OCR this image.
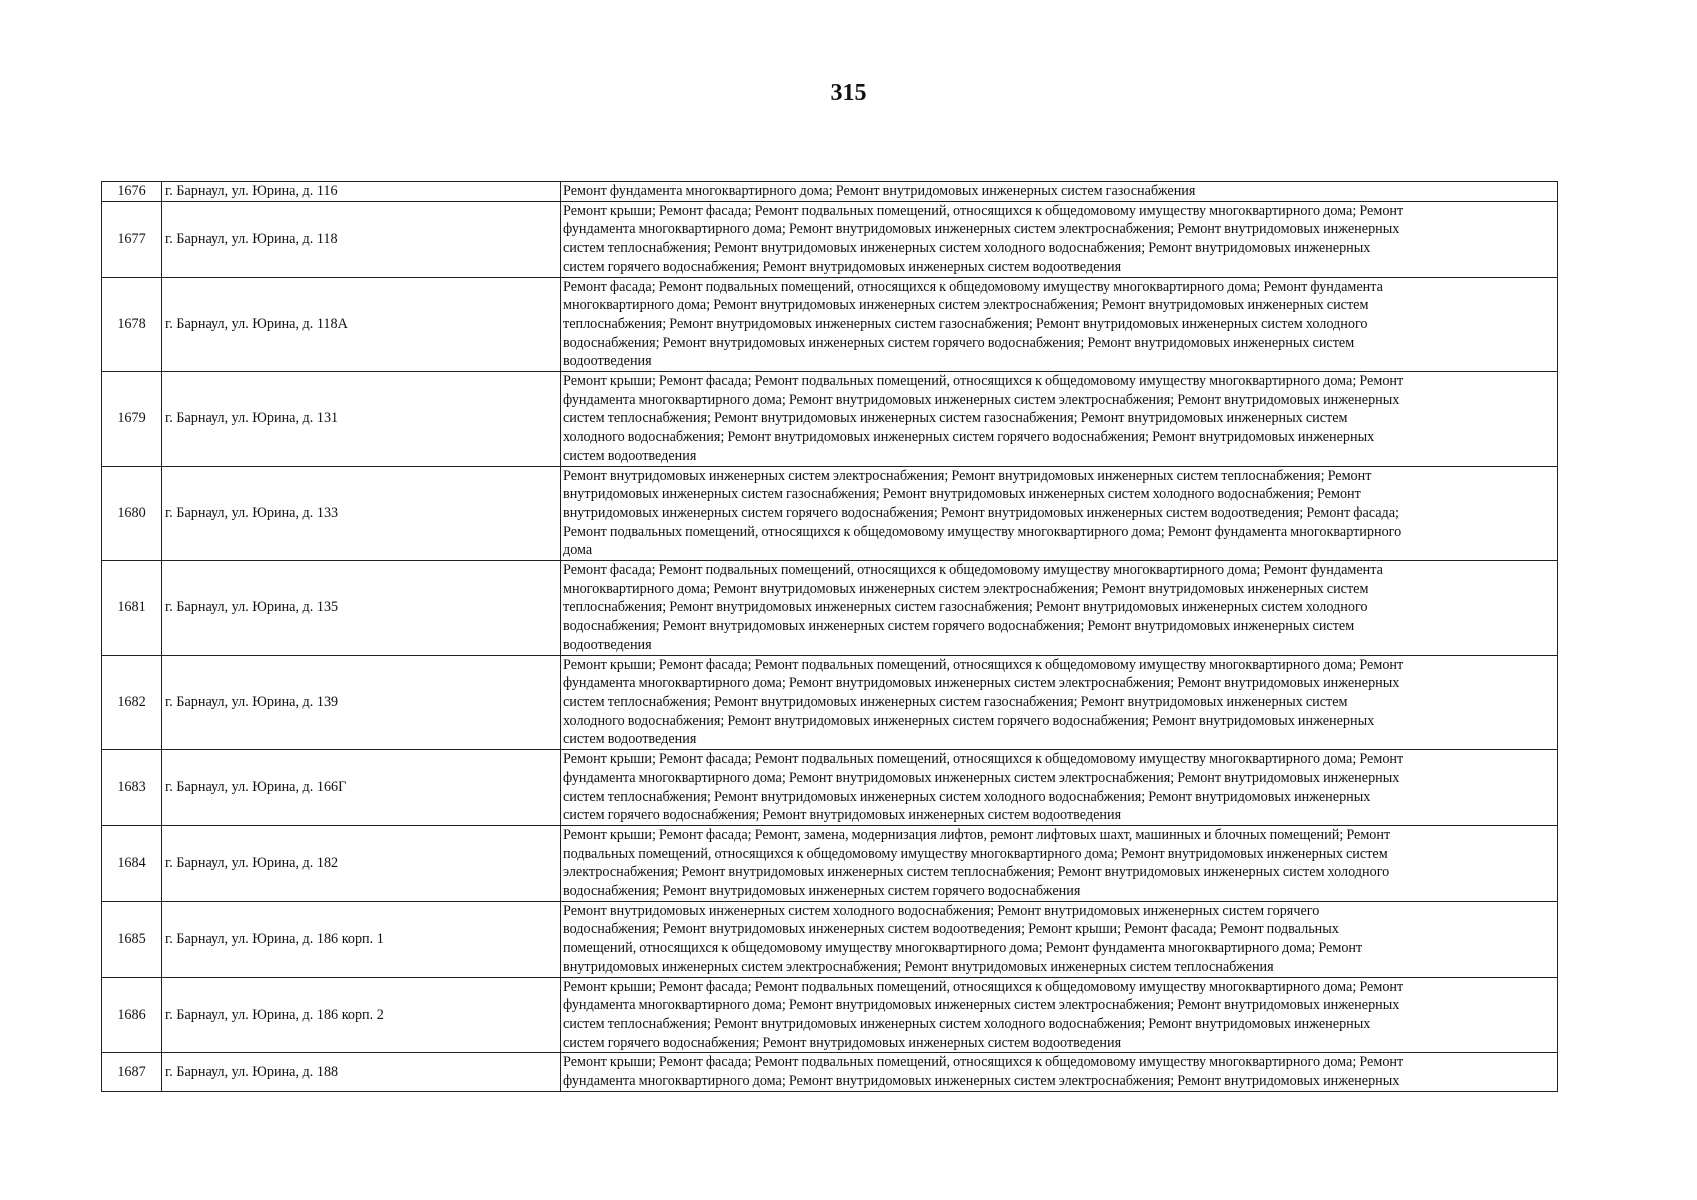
315
1676	г. Барнаул, ул. Юрина, д. 116	Ремонт фундамента многоквартирного дома; Ремонт внутридомовых инженерных систем газоснабжения

1677	г. Барнаул, ул. Юрина, д. 118	Ремонт крыши; Ремонт фасада; Ремонт подвальных помещений, относящихся к общедомовому имуществу многоквартирного дома; Ремонт
фундамента многоквартирного дома; Ремонт внутридомовых инженерных систем электроснабжения; Ремонт внутридомовых инженерных
систем теплоснабжения; Ремонт внутридомовых инженерных систем холодного водоснабжения; Ремонт внутридомовых инженерных
систем горячего водоснабжения; Ремонт внутридомовых инженерных систем водоотведения

1678	г. Барнаул, ул. Юрина, д. 118А	Ремонт фасада; Ремонт подвальных помещений, относящихся к общедомовому имуществу многоквартирного дома; Ремонт фундамента
многоквартирного дома; Ремонт внутридомовых инженерных систем электроснабжения; Ремонт внутридомовых инженерных систем
теплоснабжения; Ремонт внутридомовых инженерных систем газоснабжения; Ремонт внутридомовых инженерных систем холодного
водоснабжения; Ремонт внутридомовых инженерных систем горячего водоснабжения; Ремонт внутридомовых инженерных систем
водоотведения

1679	г. Барнаул, ул. Юрина, д. 131	Ремонт крыши; Ремонт фасада; Ремонт подвальных помещений, относящихся к общедомовому имуществу многоквартирного дома; Ремонт
фундамента многоквартирного дома; Ремонт внутридомовых инженерных систем электроснабжения; Ремонт внутридомовых инженерных
систем теплоснабжения; Ремонт внутридомовых инженерных систем газоснабжения; Ремонт внутридомовых инженерных систем
холодного водоснабжения; Ремонт внутридомовых инженерных систем горячего водоснабжения; Ремонт внутридомовых инженерных
систем водоотведения

1680	г. Барнаул, ул. Юрина, д. 133	Ремонт внутридомовых инженерных систем электроснабжения; Ремонт внутридомовых инженерных систем теплоснабжения; Ремонт
внутридомовых инженерных систем газоснабжения; Ремонт внутридомовых инженерных систем холодного водоснабжения; Ремонт
внутридомовых инженерных систем горячего водоснабжения; Ремонт внутридомовых инженерных систем водоотведения; Ремонт фасада;
Ремонт подвальных помещений, относящихся к общедомовому имуществу многоквартирного дома; Ремонт фундамента многоквартирного
дома

1681	г. Барнаул, ул. Юрина, д. 135	Ремонт фасада; Ремонт подвальных помещений, относящихся к общедомовому имуществу многоквартирного дома; Ремонт фундамента
многоквартирного дома; Ремонт внутридомовых инженерных систем электроснабжения; Ремонт внутридомовых инженерных систем
теплоснабжения; Ремонт внутридомовых инженерных систем газоснабжения; Ремонт внутридомовых инженерных систем холодного
водоснабжения; Ремонт внутридомовых инженерных систем горячего водоснабжения; Ремонт внутридомовых инженерных систем
водоотведения

1682	г. Барнаул, ул. Юрина, д. 139	Ремонт крыши; Ремонт фасада; Ремонт подвальных помещений, относящихся к общедомовому имуществу многоквартирного дома; Ремонт
фундамента многоквартирного дома; Ремонт внутридомовых инженерных систем электроснабжения; Ремонт внутридомовых инженерных
систем теплоснабжения; Ремонт внутридомовых инженерных систем газоснабжения; Ремонт внутридомовых инженерных систем
холодного водоснабжения; Ремонт внутридомовых инженерных систем горячего водоснабжения; Ремонт внутридомовых инженерных
систем водоотведения

1683	г. Барнаул, ул. Юрина, д. 166Г	Ремонт крыши; Ремонт фасада; Ремонт подвальных помещений, относящихся к общедомовому имуществу многоквартирного дома; Ремонт
фундамента многоквартирного дома; Ремонт внутридомовых инженерных систем электроснабжения; Ремонт внутридомовых инженерных
систем теплоснабжения; Ремонт внутридомовых инженерных систем холодного водоснабжения; Ремонт внутридомовых инженерных
систем горячего водоснабжения; Ремонт внутридомовых инженерных систем водоотведения

1684	г. Барнаул, ул. Юрина, д. 182	Ремонт крыши; Ремонт фасада; Ремонт, замена, модернизация лифтов, ремонт лифтовых шахт, машинных и блочных помещений; Ремонт
подвальных помещений, относящихся к общедомовому имуществу многоквартирного дома; Ремонт внутридомовых инженерных систем
электроснабжения; Ремонт внутридомовых инженерных систем теплоснабжения; Ремонт внутридомовых инженерных систем холодного
водоснабжения; Ремонт внутридомовых инженерных систем горячего водоснабжения

1685	г. Барнаул, ул. Юрина, д. 186 корп. 1	Ремонт внутридомовых инженерных систем холодного водоснабжения; Ремонт внутридомовых инженерных систем горячего
водоснабжения; Ремонт внутридомовых инженерных систем водоотведения; Ремонт крыши; Ремонт фасада; Ремонт подвальных
помещений, относящихся к общедомовому имуществу многоквартирного дома; Ремонт фундамента многоквартирного дома; Ремонт
внутридомовых инженерных систем электроснабжения; Ремонт внутридомовых инженерных систем теплоснабжения

1686	г. Барнаул, ул. Юрина, д. 186 корп. 2	Ремонт крыши; Ремонт фасада; Ремонт подвальных помещений, относящихся к общедомовому имуществу многоквартирного дома; Ремонт
фундамента многоквартирного дома; Ремонт внутридомовых инженерных систем электроснабжения; Ремонт внутридомовых инженерных
систем теплоснабжения; Ремонт внутридомовых инженерных систем холодного водоснабжения; Ремонт внутридомовых инженерных
систем горячего водоснабжения; Ремонт внутридомовых инженерных систем водоотведения

1687	г. Барнаул, ул. Юрина, д. 188	Ремонт крыши; Ремонт фасада; Ремонт подвальных помещений, относящихся к общедомовому имуществу многоквартирного дома; Ремонт
фундамента многоквартирного дома; Ремонт внутридомовых инженерных систем электроснабжения; Ремонт внутридомовых инженерных
